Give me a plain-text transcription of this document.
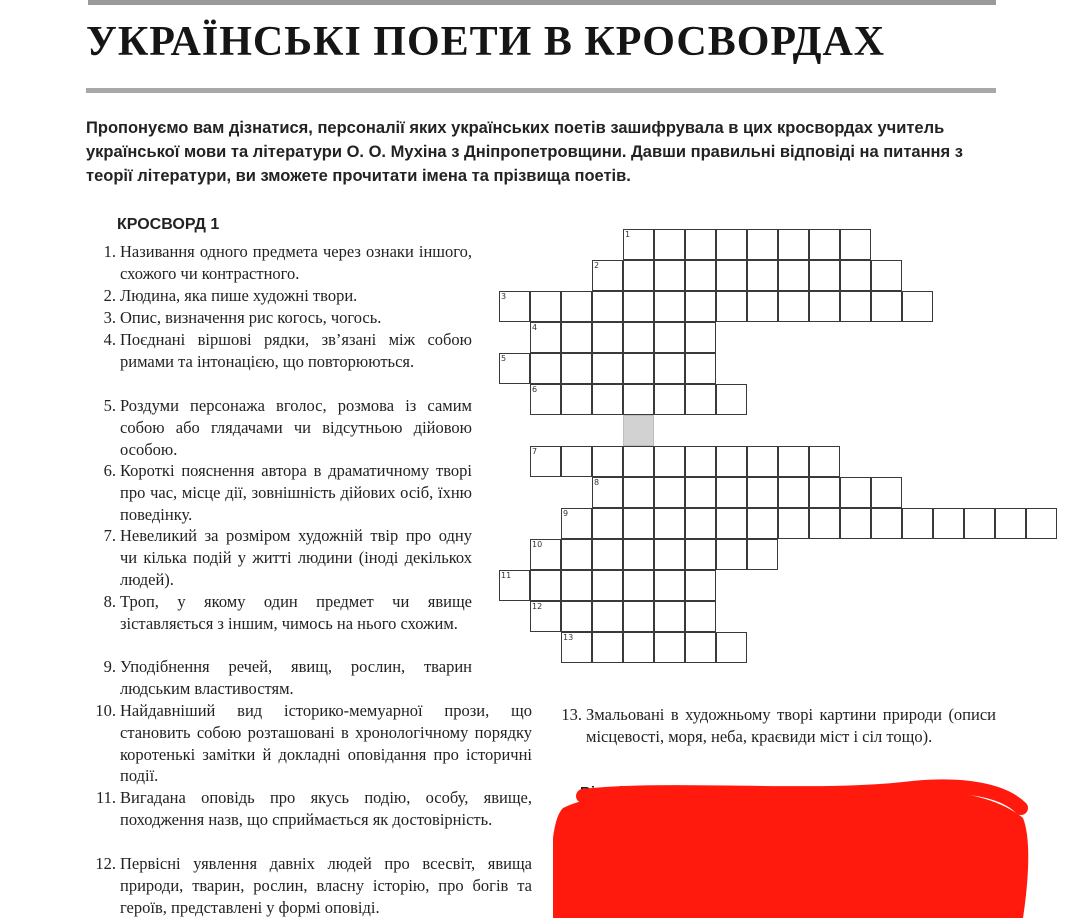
УКРАЇНСЬКІ ПОЕТИ В КРОСВОРДАХ

Пропонуємо вам дізнатися, персоналії яких українських поетів зашифрувала в цих кросвордах учитель української мови та літератури О. О. Мухіна з Дніпропетровщини. Давши правильні відповіді на питання з теорії літератури, ви зможете прочитати імена та прізвища поетів.

КРОСВОРД 1
1. Називання одного предмета через ознаки іншого, схожого чи контрастного.
2. Людина, яка пише художні твори.
3. Опис, визначення рис когось, чогось.
4. Поєднані віршові рядки, зв’язані між собою римами та інтонацією, що повторюються.
5. Роздуми персонажа вголос, розмова із самим собою або глядачами чи відсутньою дійовою особою.
6. Короткі пояснення автора в драматичному творі про час, місце дії, зовнішність дійових осіб, їхню поведінку.
7. Невеликий за розміром художній твір про одну чи кілька подій у житті людини (іноді декількох людей).
8. Троп, у якому один предмет чи явище зіставляється з іншим, чимось на нього схожим.
9. Уподібнення речей, явищ, рослин, тварин людським властивостям.
10. Найдавніший вид історико-мемуарної прози, що становить собою розташовані в хронологічному порядку коротенькі замітки й докладні оповідання про історичні події.
11. Вигадана оповідь про якусь подію, особу, явище, походження назв, що сприймається як достовірність.
12. Первісні уявлення давніх людей про всесвіт, явища природи, тварин, рослин, власну історію, про богів та героїв, представлені у формі оповіді.
13. Змальовані в художньому творі картини природи (описи місцевості, моря, неба, краєвиди міст і сіл тощо).
1
2
3
4
5
6
7
8
9
10
11
12
13

Ві... 1)
